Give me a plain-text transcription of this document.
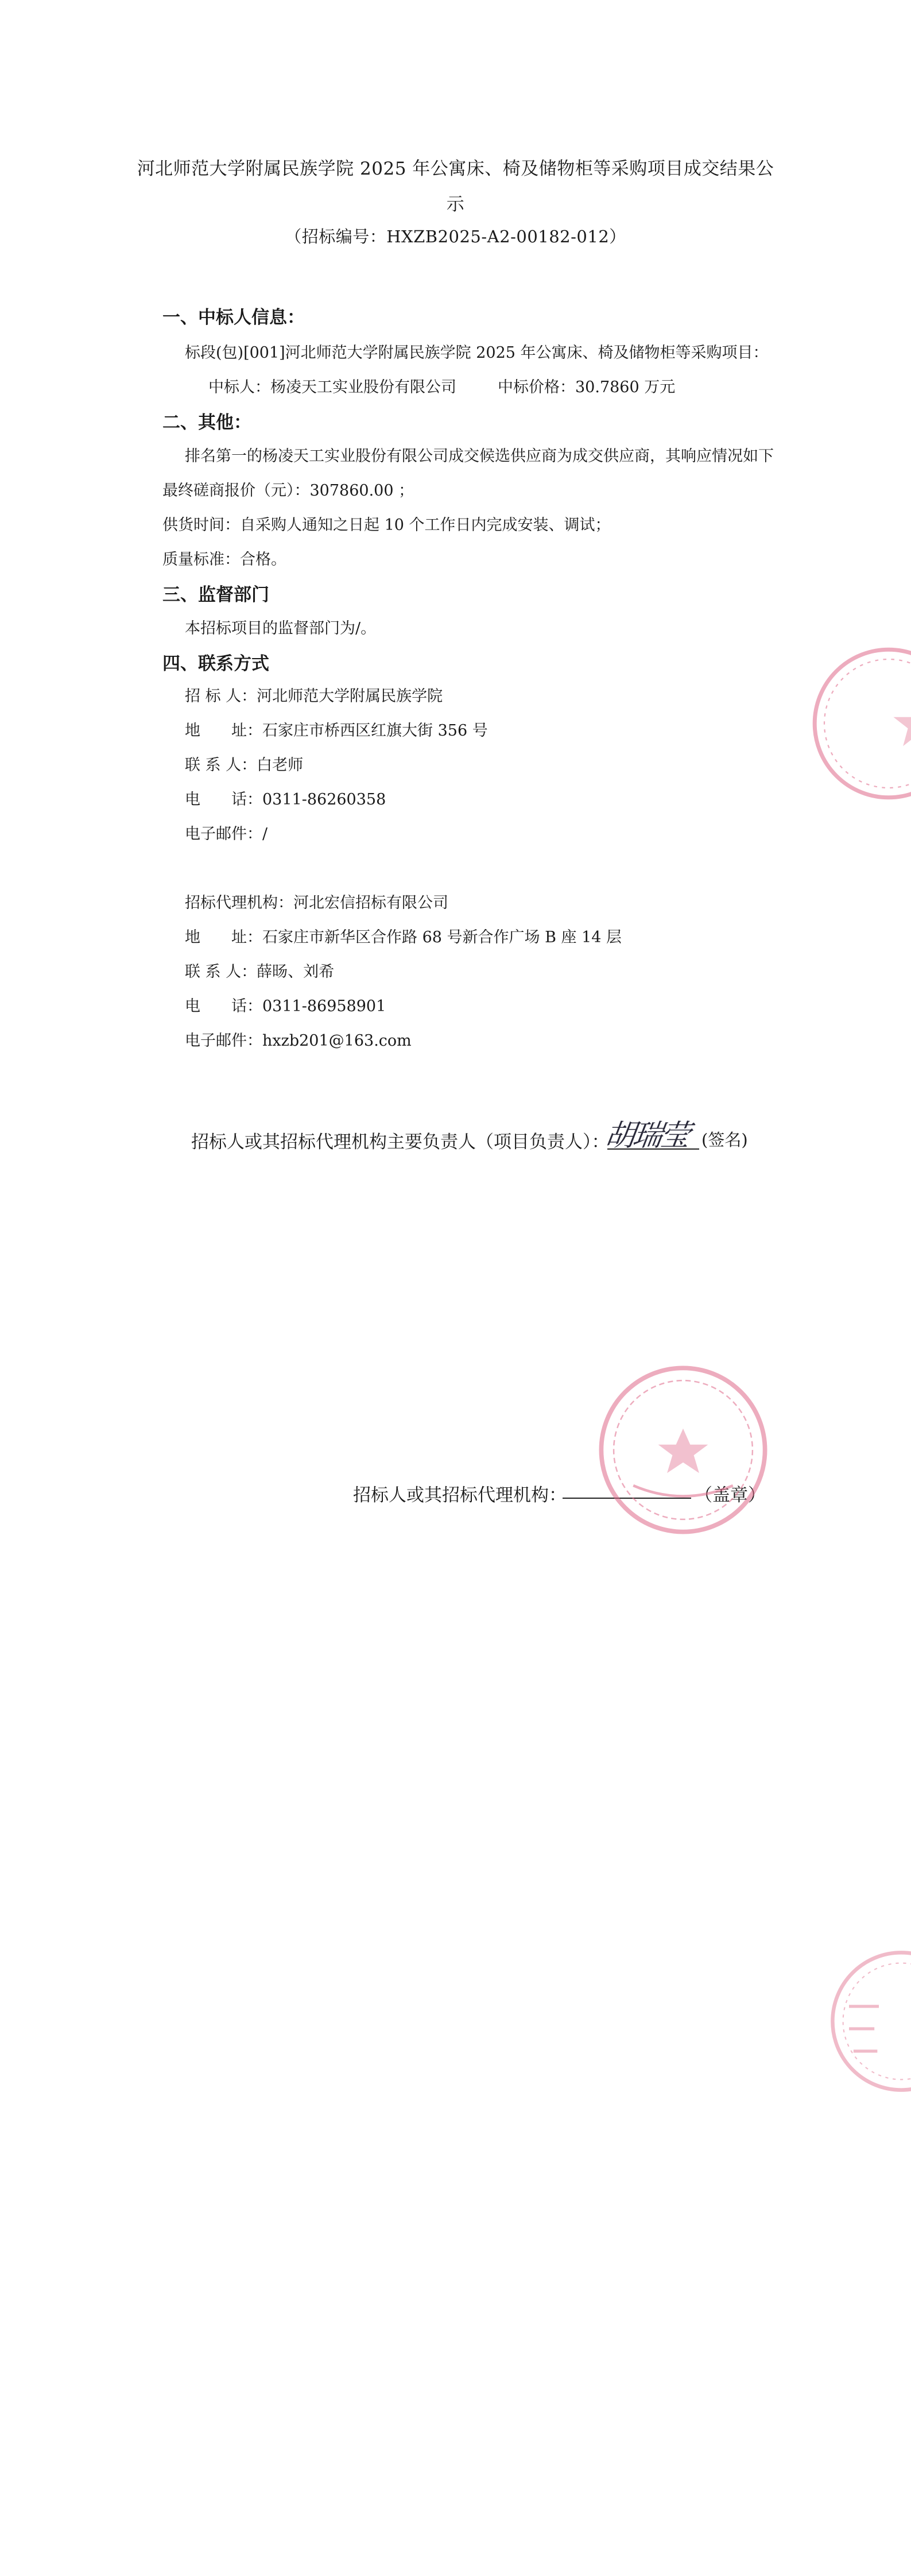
河北师范大学附属民族学院 2025 年公寓床、椅及储物柜等采购项目成交结果公
示
（招标编号：HXZB2025-A2-00182-012）
一、中标人信息：
标段(包)[001]河北师范大学附属民族学院 2025 年公寓床、椅及储物柜等采购项目：
中标人：杨凌天工实业股份有限公司	中标价格：30.7860 万元
二、其他：
排名第一的杨凌天工实业股份有限公司成交候选供应商为成交供应商，其响应情况如下
最终磋商报价（元）：307860.00 ；
供货时间：自采购人通知之日起 10 个工作日内完成安装、调试；
质量标准：合格。
三、监督部门
本招标项目的监督部门为/。
四、联系方式
招 标 人：河北师范大学附属民族学院
地　　址：石家庄市桥西区红旗大街 356 号
联 系 人：白老师
电　　话：0311-86260358
电子邮件：/
招标代理机构：河北宏信招标有限公司
地　　址：石家庄市新华区合作路 68 号新合作广场 B 座 14 层
联 系 人：薛旸、刘希
电　　话：0311-86958901
电子邮件：hxzb201@163.com
招标人或其招标代理机构主要负责人（项目负责人）：
胡瑞莹 (签名)
招标人或其招标代理机构：	（盖章）
